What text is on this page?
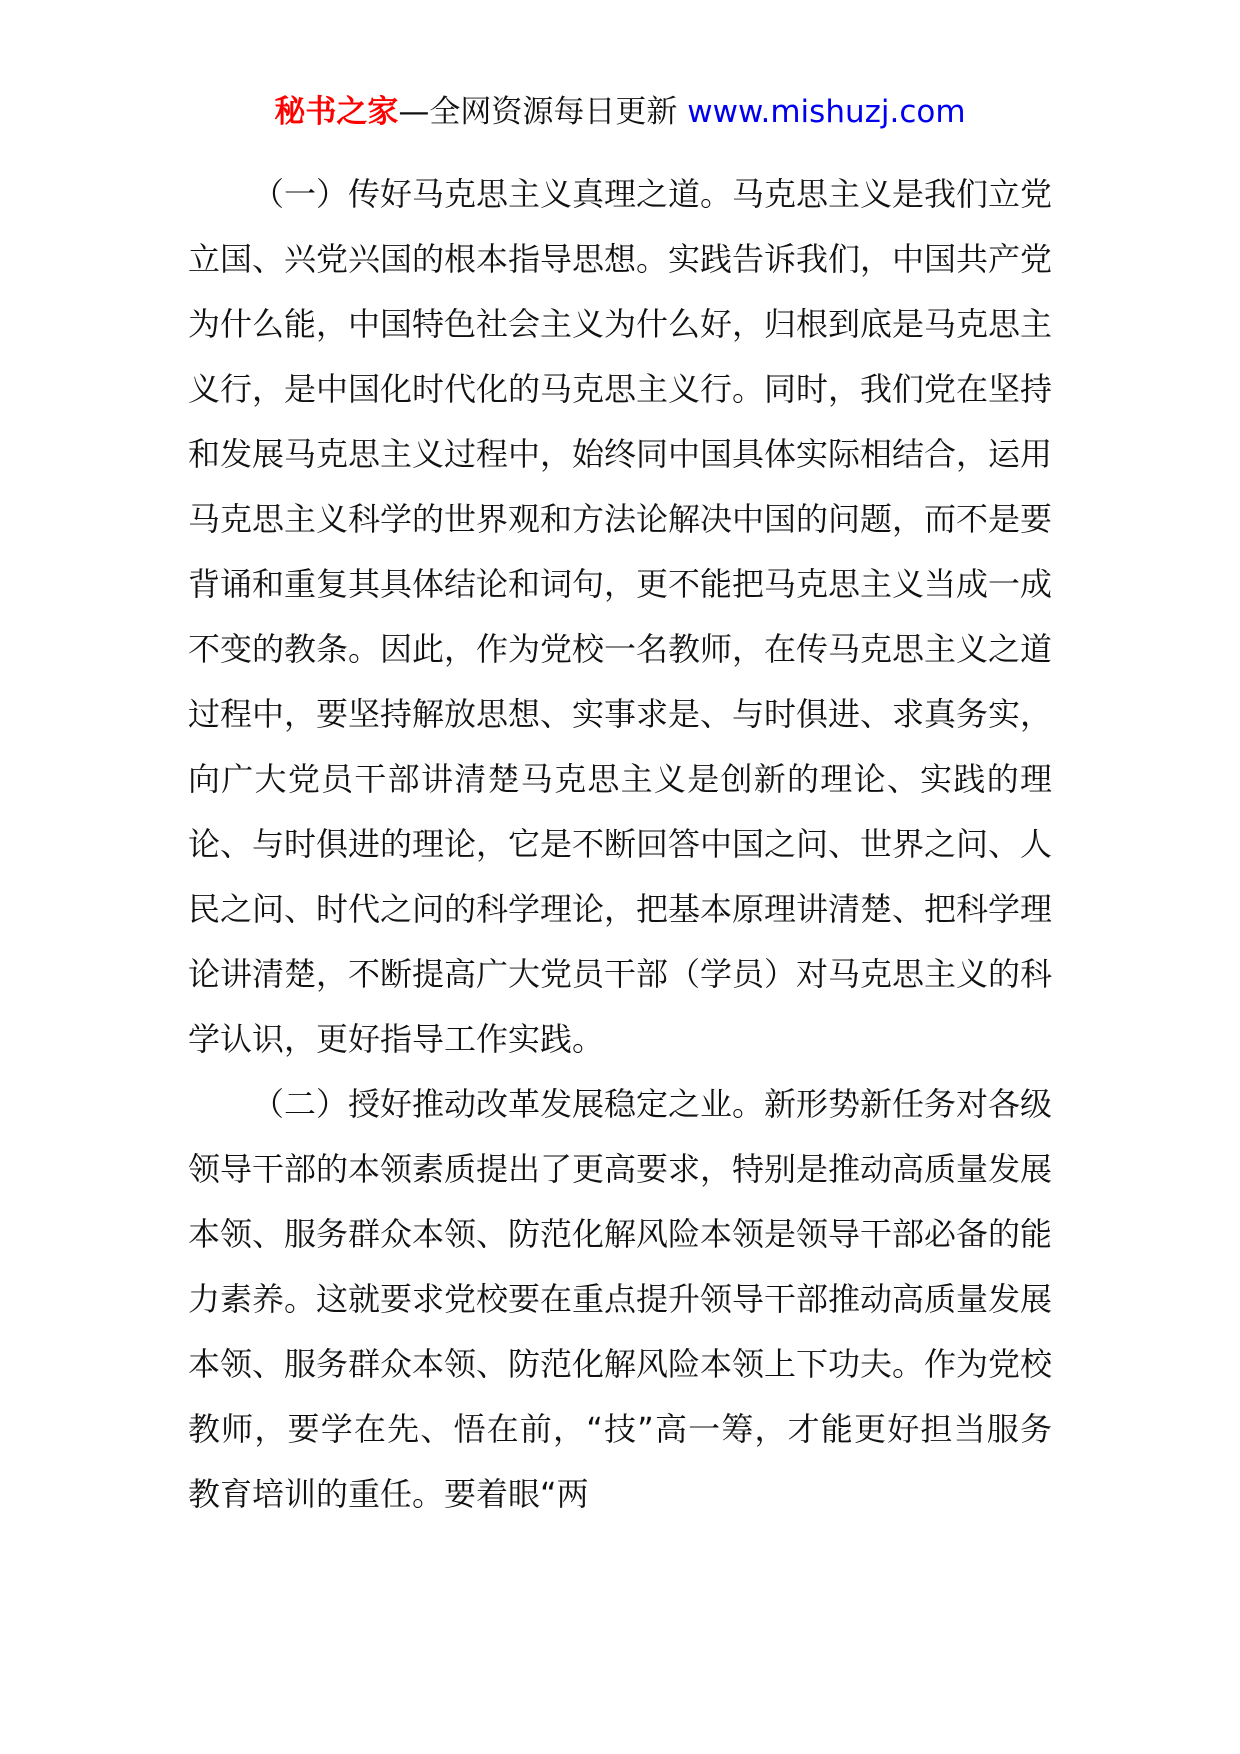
秘书之家—全网资源每日更新 www.mishuzj.com

（一）传好马克思主义真理之道。马克思主义是我们立党立国、兴党兴国的根本指导思想。实践告诉我们，中国共产党为什么能，中国特色社会主义为什么好，归根到底是马克思主义行，是中国化时代化的马克思主义行。同时，我们党在坚持和发展马克思主义过程中，始终同中国具体实际相结合，运用马克思主义科学的世界观和方法论解决中国的问题，而不是要背诵和重复其具体结论和词句，更不能把马克思主义当成一成不变的教条。因此，作为党校一名教师，在传马克思主义之道过程中，要坚持解放思想、实事求是、与时俱进、求真务实，向广大党员干部讲清楚马克思主义是创新的理论、实践的理论、与时俱进的理论，它是不断回答中国之问、世界之问、人民之问、时代之问的科学理论，把基本原理讲清楚、把科学理论讲清楚，不断提高广大党员干部（学员）对马克思主义的科学认识，更好指导工作实践。

（二）授好推动改革发展稳定之业。新形势新任务对各级领导干部的本领素质提出了更高要求，特别是推动高质量发展本领、服务群众本领、防范化解风险本领是领导干部必备的能力素养。这就要求党校要在重点提升领导干部推动高质量发展本领、服务群众本领、防范化解风险本领上下功夫。作为党校教师，要学在先、悟在前，“技”高一筹，才能更好担当服务教育培训的重任。要着眼“两
